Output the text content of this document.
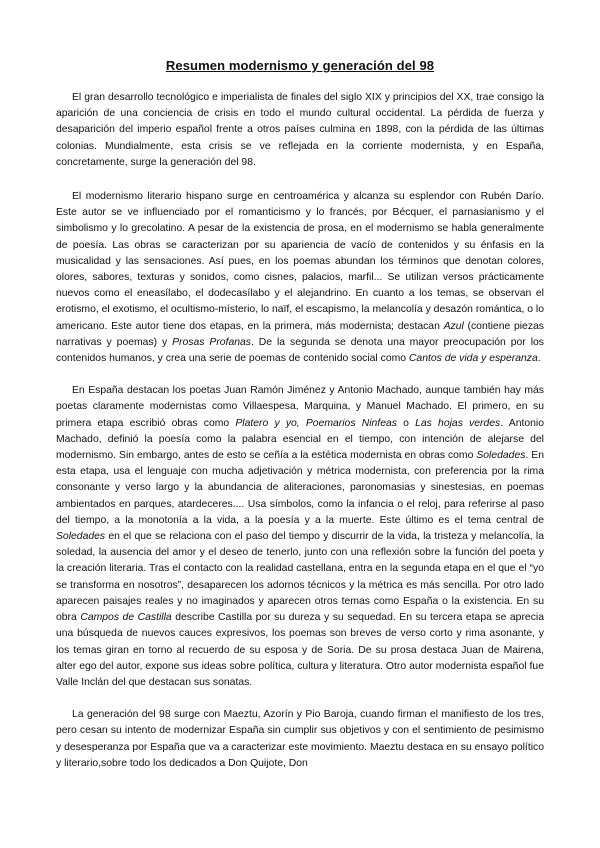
Resumen modernismo y generación del 98

El gran desarrollo tecnológico e imperialista de finales del siglo XIX y principios del XX, trae consigo la aparición de una conciencia de crisis en todo el mundo cultural occidental. La pérdida de fuerza y desaparición del imperio español frente a otros países culmina en 1898, con la pérdida de las últimas colonias. Mundialmente, esta crisis se ve reflejada en la corriente modernista, y en España, concretamente, surge la generación del 98.

El modernismo literario hispano surge en centroamérica y alcanza su esplendor con Rubén Darío. Este autor se ve influenciado por el romanticismo y lo francés, por Bécquer, el parnasianismo y el simbolismo y lo grecolatino. A pesar de la existencia de prosa, en el modernismo se habla generalmente de poesía. Las obras se caracterizan por su apariencia de vacío de contenidos y su énfasis en la musicalidad y las sensaciones. Así pues, en los poemas abundan los términos que denotan colores, olores, sabores, texturas y sonidos, como cisnes, palacios, marfil... Se utilizan versos prácticamente nuevos como el eneasílabo, el dodecasílabo y el alejandrino. En cuanto a los temas, se observan el erotismo, el exotismo, el ocultismo-místerio, lo naïf, el escapismo, la melancolía y desazón romántica, o lo americano. Este autor tiene dos etapas, en la primera, más modernista; destacan Azul (contiene piezas narrativas y poemas) y Prosas Profanas. De la segunda se denota una mayor preocupación por los contenidos humanos, y crea una serie de poemas de contenido social como Cantos de vida y esperanza.

En España destacan los poetas Juan Ramón Jiménez y Antonio Machado, aunque también hay más poetas claramente modernistas como Villaespesa, Marquina, y Manuel Machado. El primero, en su primera etapa escribió obras como Platero y yo, Poemarios Ninfeas o Las hojas verdes. Antonio Machado, definió la poesía como la palabra esencial en el tiempo, con intención de alejarse del modernismo. Sin embargo, antes de esto se ceñía a la estética modernista en obras como Soledades. En esta etapa, usa el lenguaje con mucha adjetivación y métrica modernista, con preferencia por la rima consonante y verso largo y la abundancia de aliteraciones, paronomasias y sinestesias, en poemas ambientados en parques, atardeceres.... Usa símbolos, como la infancia o el reloj, para referirse al paso del tiempo, a la monotonía a la vida, a la poesía y a la muerte. Este último es el tema central de Soledades en el que se relaciona con el paso del tiempo y discurrir de la vida, la tristeza y melancolía, la soledad, la ausencia del amor y el deseo de tenerlo, junto con una reflexión sobre la función del poeta y la creación literaria. Tras el contacto con la realidad castellana, entra en la segunda etapa en el que el “yo se transforma en nosotros”, desaparecen los adornos técnicos y la métrica es más sencilla. Por otro lado aparecen paisajes reales y no imaginados y aparecen otros temas como España o la existencia. En su obra Campos de Castilla describe Castilla por su dureza y su sequedad. En su tercera etapa se aprecia una búsqueda de nuevos cauces expresivos, los poemas son breves de verso corto y rima asonante, y los temas giran en torno al recuerdo de su esposa y de Soria. De su prosa destaca Juan de Mairena, alter ego del autor, expone sus ideas sobre política, cultura y literatura. Otro autor modernista español fue Valle Inclán del que destacan sus sonatas.

La generación del 98 surge con Maeztu, Azorín y Pio Baroja, cuando firman el manifiesto de los tres, pero cesan su intento de modernizar España sin cumplir sus objetivos y con el sentimiento de pesimismo y desesperanza por España que va a caracterizar este movimiento. Maeztu destaca en su ensayo político y literario,sobre todo los dedicados a Don Quijote, Don
